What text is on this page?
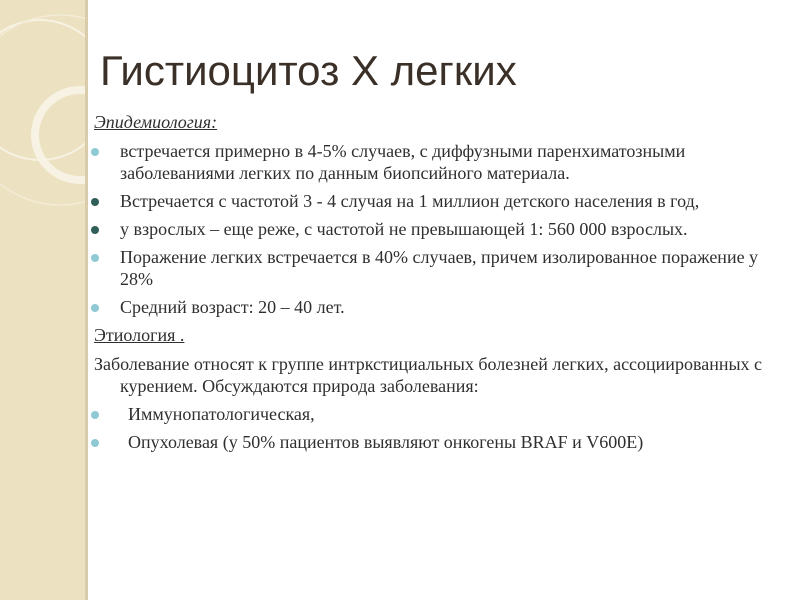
Гистиоцитоз Х легких
Эпидемиология:
встречается примерно в 4-5% случаев, с диффузными паренхиматозными заболеваниями легких по данным биопсийного материала.
Встречается с частотой 3 - 4 случая на 1 миллион детского населения в год,
у взрослых – еще реже, с частотой не превышающей 1: 560 000 взрослых.
Поражение легких встречается в 40% случаев, причем изолированное поражение у 28%
Средний возраст: 20 – 40 лет.
Этиология .
Заболевание относят к группе интркстициальных болезней легких, ассоциированных с курением. Обсуждаются природа заболевания:
Иммунопатологическая,
Опухолевая (у 50% пациентов выявляют онкогены BRAF и V600E)
